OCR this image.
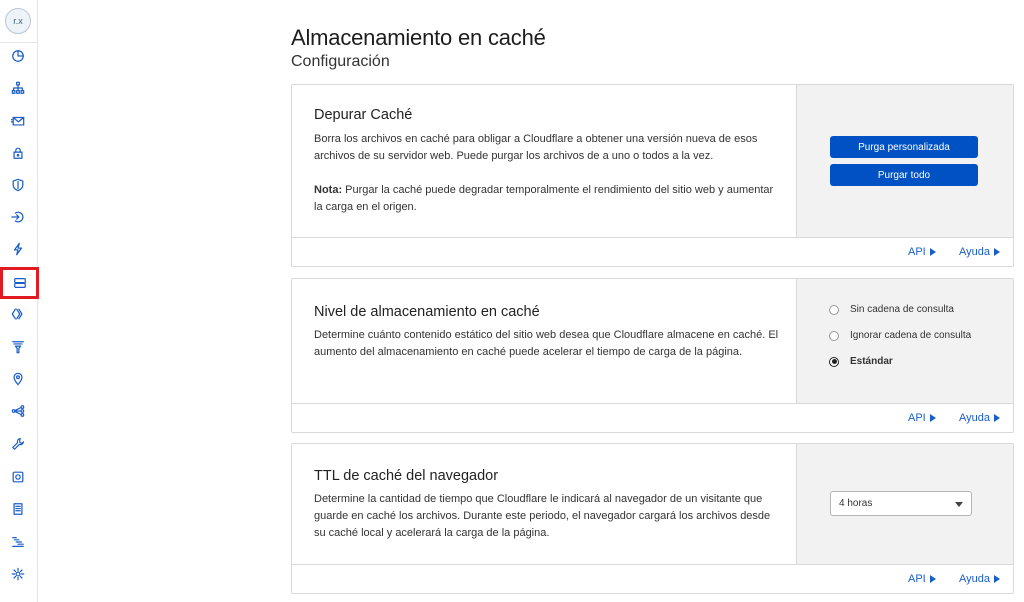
r.x
Almacenamiento en caché
Configuración
Depurar Caché

Borra los archivos en caché para obligar a Cloudflare a obtener una versión nueva de esos archivos de su servidor web. Puede purgar los archivos de a uno o todos a la vez.

Nota: Purgar la caché puede degradar temporalmente el rendimiento del sitio web y aumentar la carga en el origen.

Purga personalizada
Purgar todo
API	Ayuda
Nivel de almacenamiento en caché

Determine cuánto contenido estático del sitio web desea que Cloudflare almacene en caché. El aumento del almacenamiento en caché puede acelerar el tiempo de carga de la página.

Sin cadena de consulta
Ignorar cadena de consulta
Estándar
API	Ayuda
TTL de caché del navegador

Determine la cantidad de tiempo que Cloudflare le indicará al navegador de un visitante que guarde en caché los archivos. Durante este periodo, el navegador cargará los archivos desde su caché local y acelerará la carga de la página.

4 horas
API	Ayuda
